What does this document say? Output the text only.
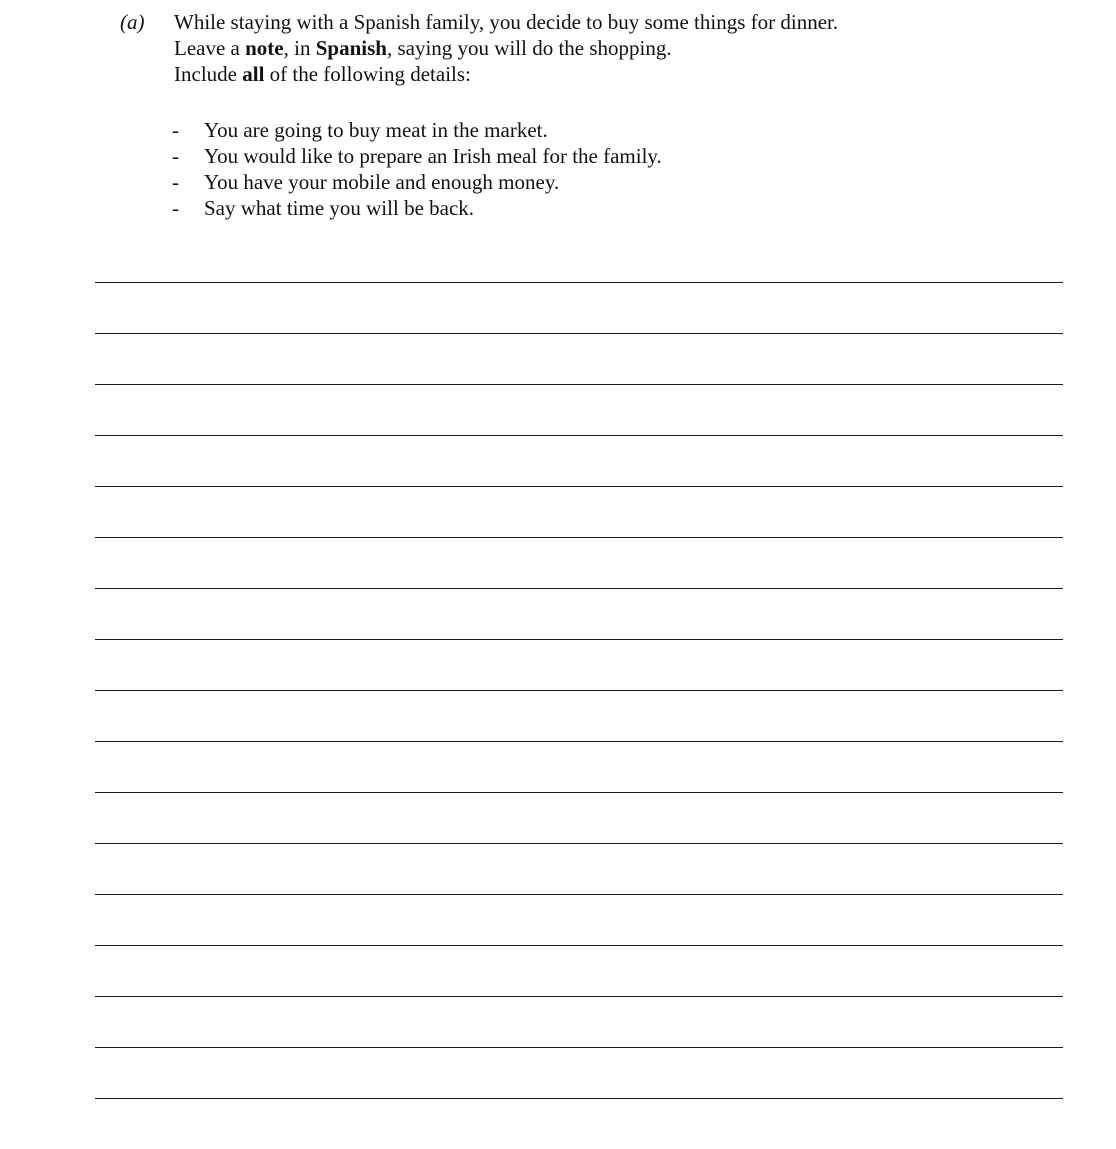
(a) While staying with a Spanish family, you decide to buy some things for dinner.
Leave a note, in Spanish, saying you will do the shopping.
Include all of the following details:
- You are going to buy meat in the market.
- You would like to prepare an Irish meal for the family.
- You have your mobile and enough money.
- Say what time you will be back.
